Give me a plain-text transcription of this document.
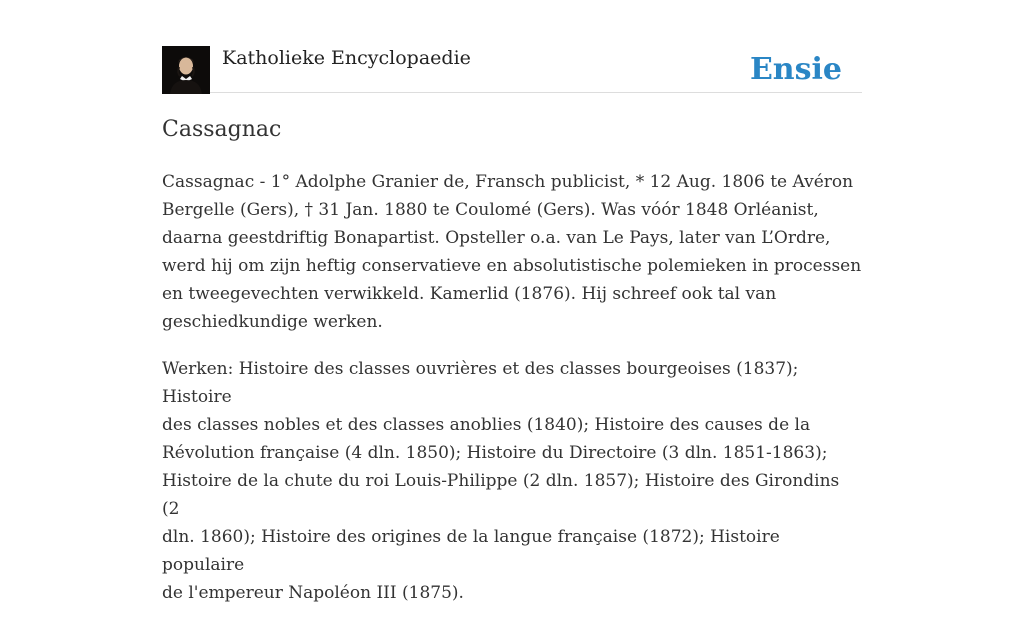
Katholieke Encyclopaedie	Ensie
Cassagnac

Cassagnac - 1° Adolphe Granier de, Fransch publicist, * 12 Aug. 1806 te Avéron
Bergelle (Gers), † 31 Jan. 1880 te Coulomé (Gers). Was vóór 1848 Orléanist,
daarna geestdriftig Bonapartist. Opsteller o.a. van Le Pays, later van L’Ordre,
werd hij om zijn heftig conservatieve en absolutistische polemieken in processen
en tweegevechten verwikkeld. Kamerlid (1876). Hij schreef ook tal van
geschiedkundige werken.

Werken: Histoire des classes ouvrières et des classes bourgeoises (1837); Histoire
des classes nobles et des classes anoblies (1840); Histoire des causes de la
Révolution française (4 dln. 1850); Histoire du Directoire (3 dln. 1851-1863);
Histoire de la chute du roi Louis-Philippe (2 dln. 1857); Histoire des Girondins (2
dln. 1860); Histoire des origines de la langue française (1872); Histoire populaire
de l'empereur Napoléon III (1875).
